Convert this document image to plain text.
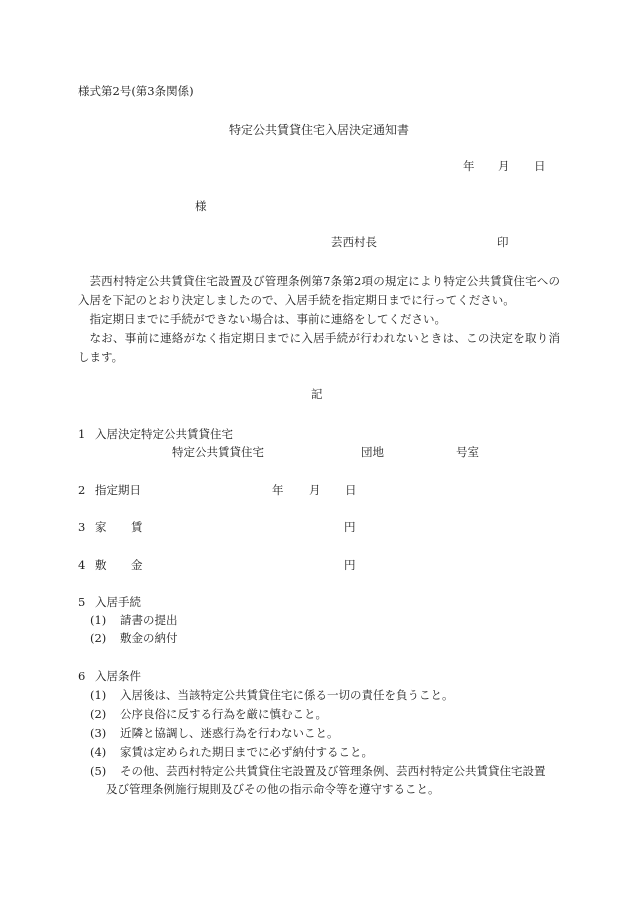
様式第2号(第3条関係)
特定公共賃貸住宅入居決定通知書
年 月 日
様
芸西村長	印

芸西村特定公共賃貸住宅設置及び管理条例第7条第2項の規定により特定公共賃貸住宅への入居を下記のとおり決定しましたので、入居手続を指定期日までに行ってください。

指定期日までに手続ができない場合は、事前に連絡をしてください。

なお、事前に連絡がなく指定期日までに入居手続が行われないときは、この決定を取り消します。

記
1 入居決定特定公共賃貸住宅
特定公共賃貸住宅	団地	号室
2 指定期日	年 月 日
3 家 賃	円
4 敷 金	円
5 入居手続
(1) 請書の提出
(2) 敷金の納付
6 入居条件
(1) 入居後は、当該特定公共賃貸住宅に係る一切の責任を負うこと。
(2) 公序良俗に反する行為を厳に慎むこと。
(3) 近隣と協調し、迷惑行為を行わないこと。
(4) 家賃は定められた期日までに必ず納付すること。
(5) その他、芸西村特定公共賃貸住宅設置及び管理条例、芸西村特定公共賃貸住宅設置
及び管理条例施行規則及びその他の指示命令等を遵守すること。
